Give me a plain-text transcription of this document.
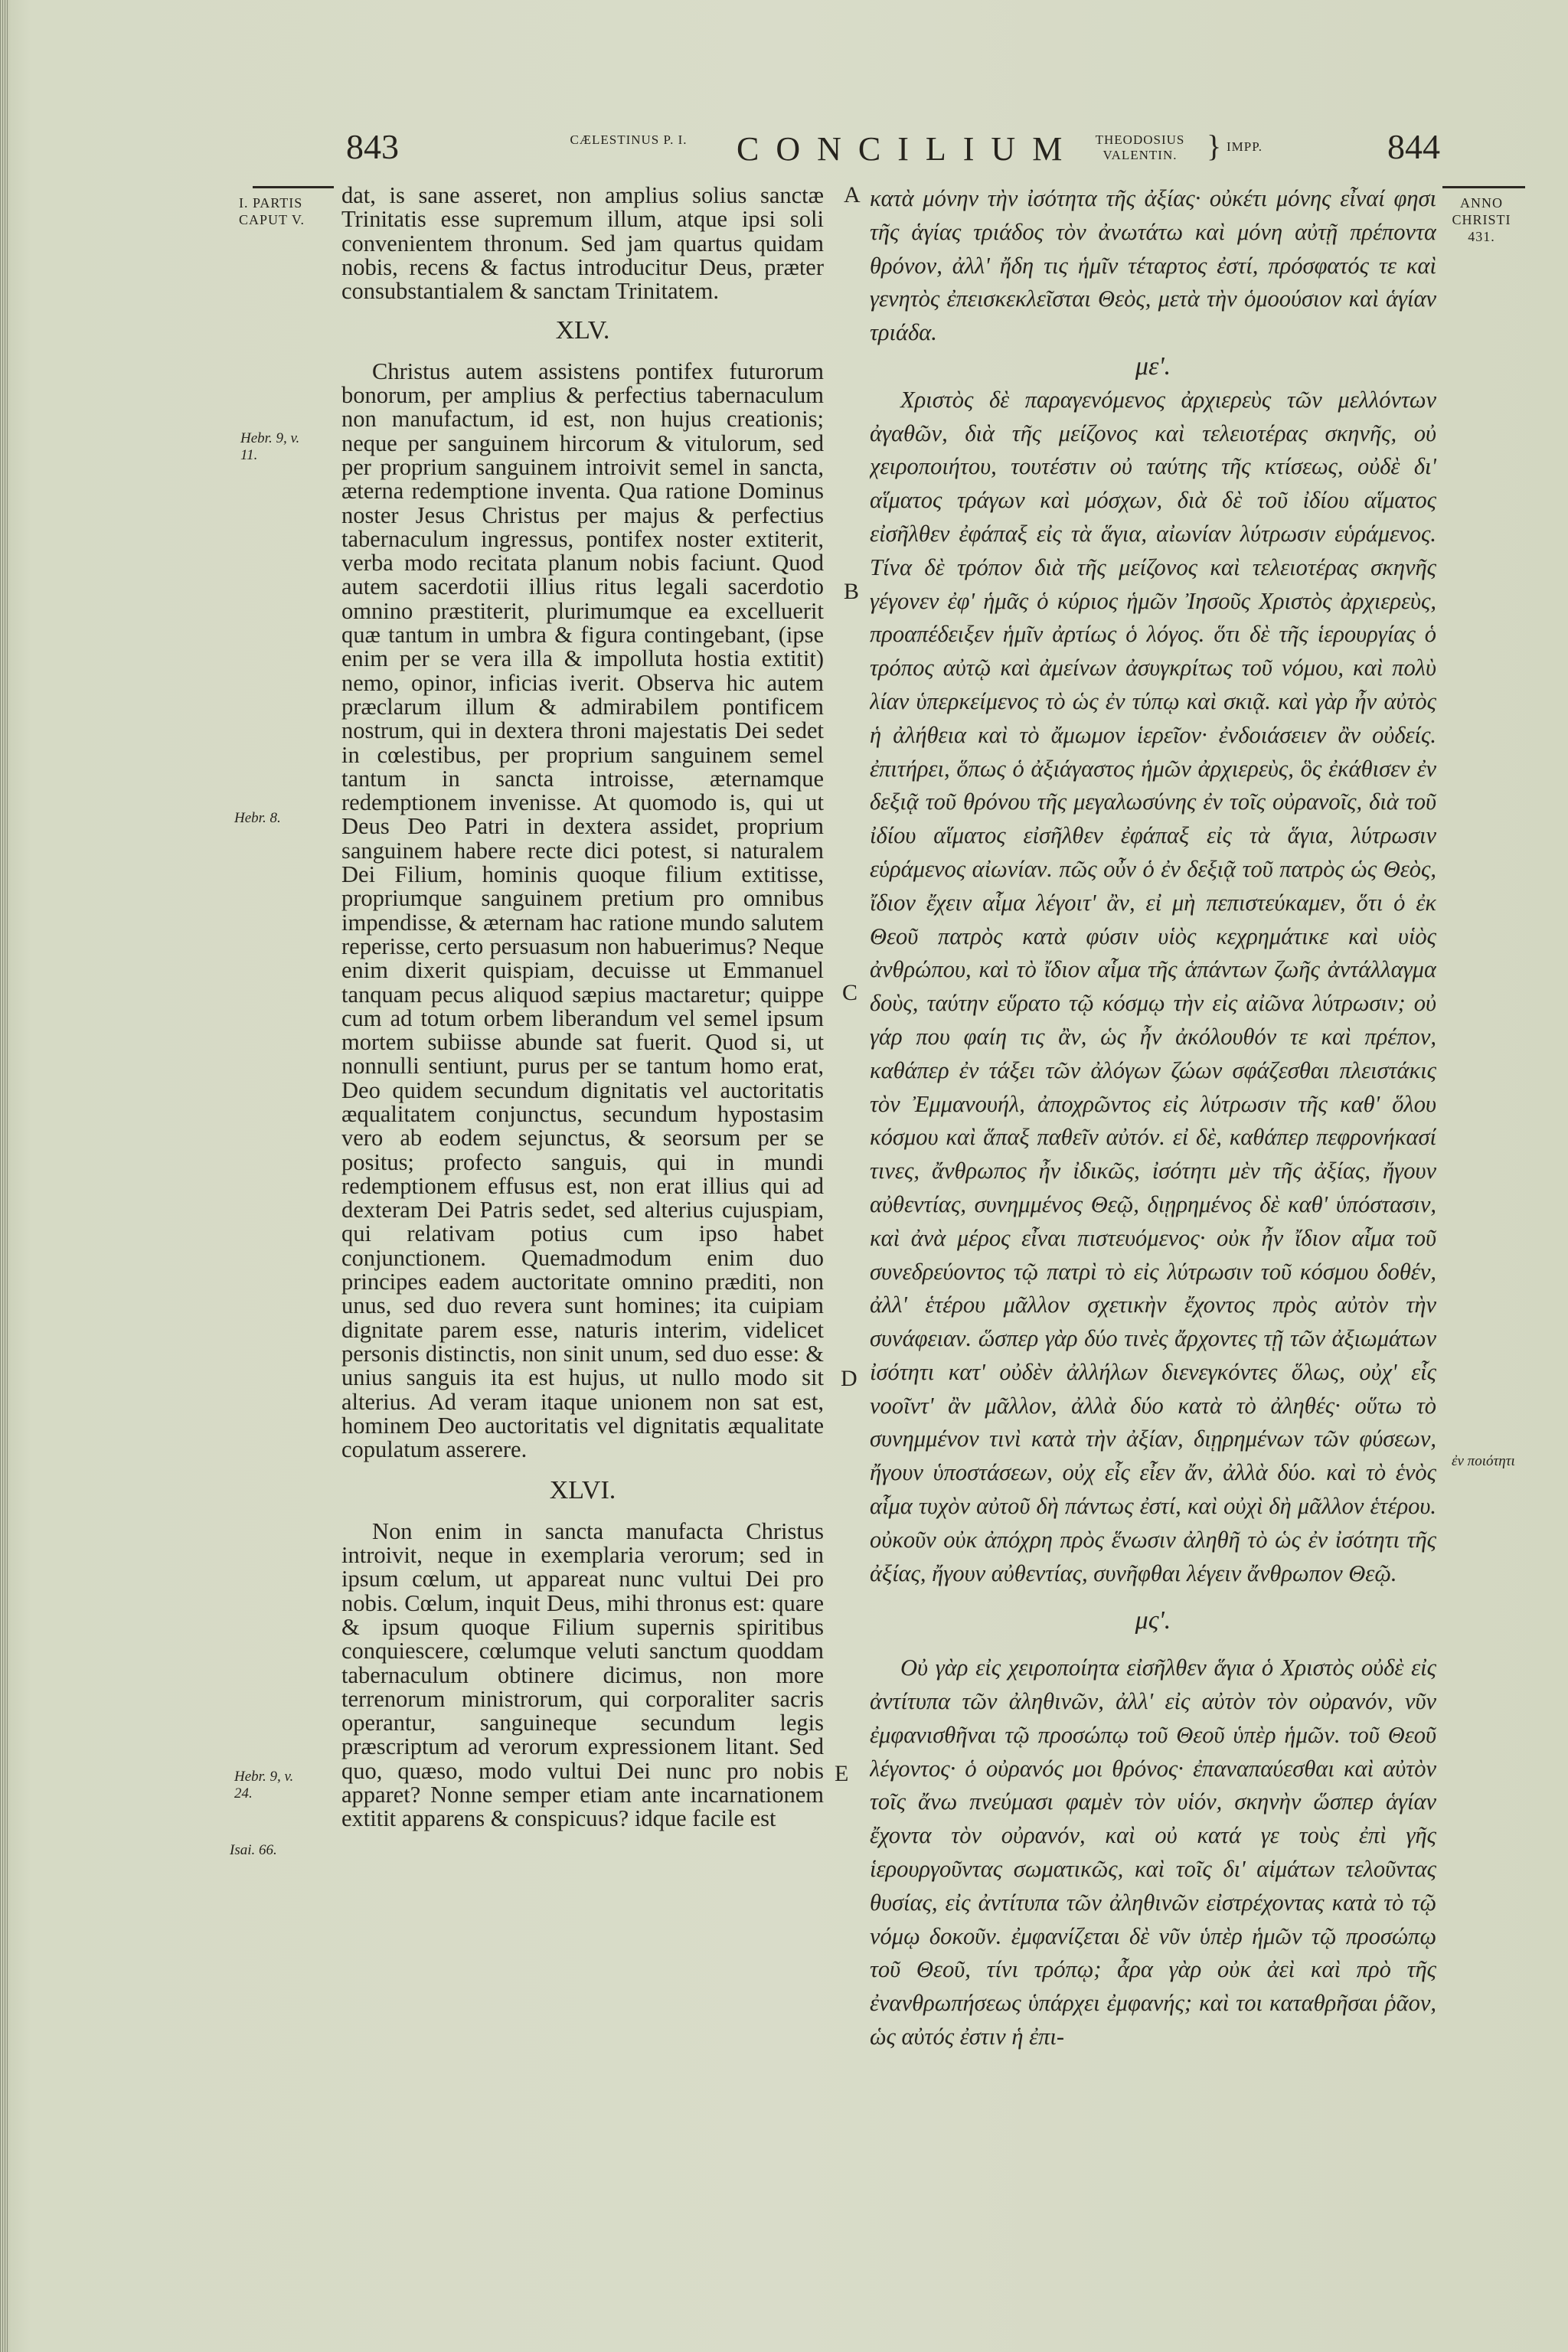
843	CÆLESTINUS P. I. CONCILIUM	THEODOSIUS VALENTIN. } IMPP.	844
I. PARTIS CAPUT V.
ANNO CHRISTI 431.
Hebr. 9, v. 11.
Hebr. 8.
Hebr. 9, v. 24.
Isai. 66.
ἐν ποιότητι
A
B
C
D
E
dat, is sane asseret, non amplius solius sanctæ Trinitatis esse supremum illum, atque ipsi soli convenientem thronum. Sed jam quartus quidam nobis, recens & factus introducitur Deus, præter consubstantialem & sanctam Trinitatem.
XLV.
Christus autem assistens pontifex futurorum bonorum, per amplius & perfectius tabernaculum non manufactum, id est, non hujus creationis; neque per sanguinem hircorum & vitulorum, sed per proprium sanguinem introivit semel in sancta, æterna redemptione inventa. Qua ratione Dominus noster Jesus Christus per majus & perfectius tabernaculum ingressus, pontifex noster extiterit, verba modo recitata planum nobis faciunt. Quod autem sacerdotii illius ritus legali sacerdotio omnino præstiterit, plurimumque ea excelluerit quæ tantum in umbra & figura contingebant, (ipse enim per se vera illa & impolluta hostia extitit) nemo, opinor, inficias iverit. Observa hic autem præclarum illum & admirabilem pontificem nostrum, qui in dextera throni majestatis Dei sedet in cœlestibus, per proprium sanguinem semel tantum in sancta introisse, æternamque redemptionem invenisse. At quomodo is, qui ut Deus Deo Patri in dextera assidet, proprium sanguinem habere recte dici potest, si naturalem Dei Filium, hominis quoque filium extitisse, propriumque sanguinem pretium pro omnibus impendisse, & æternam hac ratione mundo salutem reperisse, certo persuasum non habuerimus? Neque enim dixerit quispiam, decuisse ut Emmanuel tanquam pecus aliquod sæpius mactaretur; quippe cum ad totum orbem liberandum vel semel ipsum mortem subiisse abunde sat fuerit. Quod si, ut nonnulli sentiunt, purus per se tantum homo erat, Deo quidem secundum dignitatis vel auctoritatis æqualitatem conjunctus, secundum hypostasim vero ab eodem sejunctus, & seorsum per se positus; profecto sanguis, qui in mundi redemptionem effusus est, non erat illius qui ad dexteram Dei Patris sedet, sed alterius cujuspiam, qui relativam potius cum ipso habet conjunctionem. Quemadmodum enim duo principes eadem auctoritate omnino præditi, non unus, sed duo revera sunt homines; ita cuipiam dignitate parem esse, naturis interim, videlicet personis distinctis, non sinit unum, sed duo esse: & unius sanguis ita est hujus, ut nullo modo sit alterius. Ad veram itaque unionem non sat est, hominem Deo auctoritatis vel dignitatis æqualitate copulatum asserere.
XLVI.
Non enim in sancta manufacta Christus introivit, neque in exemplaria verorum; sed in ipsum cœlum, ut appareat nunc vultui Dei pro nobis. Cœlum, inquit Deus, mihi thronus est: quare & ipsum quoque Filium supernis spiritibus conquiescere, cœlumque veluti sanctum quoddam tabernaculum obtinere dicimus, non more terrenorum ministrorum, qui corporaliter sacris operantur, sanguineque secundum legis præscriptum ad verorum expressionem litant. Sed quo, quæso, modo vultui Dei nunc pro nobis apparet? Nonne semper etiam ante incarnationem extitit apparens & conspicuus? idque facile est
κατὰ μόνην τὴν ἰσότητα τῆς ἀξίας· οὐκέτι μόνης εἶναί φησι τῆς ἁγίας τριάδος τὸν ἀνωτάτω καὶ μόνη αὐτῇ πρέποντα θρόνον, ἀλλ' ἤδη τις ἡμῖν τέταρτος ἐστί, πρόσφατός τε καὶ γενητὸς ἐπεισκεκλεῖσται Θεὸς, μετὰ τὴν ὁμοούσιον καὶ ἁγίαν τριάδα.
με'.
Χριστὸς δὲ παραγενόμενος ἀρχιερεὺς τῶν μελλόντων ἀγαθῶν, διὰ τῆς μείζονος καὶ τελειοτέρας σκηνῆς, οὐ χειροποιήτου, τουτέστιν οὐ ταύτης τῆς κτίσεως, οὐδὲ δι' αἵματος τράγων καὶ μόσχων, διὰ δὲ τοῦ ἰδίου αἵματος εἰσῆλθεν ἐφάπαξ εἰς τὰ ἅγια, αἰωνίαν λύτρωσιν εὑράμενος. Τίνα δὲ τρόπον διὰ τῆς μείζονος καὶ τελειοτέρας σκηνῆς γέγονεν ἐφ' ἡμᾶς ὁ κύριος ἡμῶν Ἰησοῦς Χριστὸς ἀρχιερεὺς, προαπέδειξεν ἡμῖν ἀρτίως ὁ λόγος. ὅτι δὲ τῆς ἱερουργίας ὁ τρόπος αὐτῷ καὶ ἀμείνων ἀσυγκρίτως τοῦ νόμου, καὶ πολὺ λίαν ὑπερκείμενος τὸ ὡς ἐν τύπῳ καὶ σκιᾷ. καὶ γὰρ ἦν αὐτὸς ἡ ἀλήθεια καὶ τὸ ἄμωμον ἱερεῖον· ἐνδοιάσειεν ἂν οὐδείς. ἐπιτήρει, ὅπως ὁ ἀξιάγαστος ἡμῶν ἀρχιερεὺς, ὃς ἐκάθισεν ἐν δεξιᾷ τοῦ θρόνου τῆς μεγαλωσύνης ἐν τοῖς οὐρανοῖς, διὰ τοῦ ἰδίου αἵματος εἰσῆλθεν ἐφάπαξ εἰς τὰ ἅγια, λύτρωσιν εὑράμενος αἰωνίαν. πῶς οὖν ὁ ἐν δεξιᾷ τοῦ πατρὸς ὡς Θεὸς, ἴδιον ἔχειν αἷμα λέγοιτ' ἂν, εἰ μὴ πεπιστεύκαμεν, ὅτι ὁ ἐκ Θεοῦ πατρὸς κατὰ φύσιν υἱὸς κεχρημάτικε καὶ υἱὸς ἀνθρώπου, καὶ τὸ ἴδιον αἷμα τῆς ἁπάντων ζωῆς ἀντάλλαγμα δοὺς, ταύτην εὕρατο τῷ κόσμῳ τὴν εἰς αἰῶνα λύτρωσιν; οὐ γάρ που φαίη τις ἂν, ὡς ἦν ἀκόλουθόν τε καὶ πρέπον, καθάπερ ἐν τάξει τῶν ἀλόγων ζώων σφάζεσθαι πλειστάκις τὸν Ἐμμανουήλ, ἀποχρῶντος εἰς λύτρωσιν τῆς καθ' ὅλου κόσμου καὶ ἅπαξ παθεῖν αὐτόν. εἰ δὲ, καθάπερ πεφρονήκασί τινες, ἄνθρωπος ἦν ἰδικῶς, ἰσότητι μὲν τῆς ἀξίας, ἤγουν αὐθεντίας, συνημμένος Θεῷ, διῃρημένος δὲ καθ' ὑπόστασιν, καὶ ἀνὰ μέρος εἶναι πιστευόμενος· οὐκ ἦν ἴδιον αἷμα τοῦ συνεδρεύοντος τῷ πατρὶ τὸ εἰς λύτρωσιν τοῦ κόσμου δοθέν, ἀλλ' ἑτέρου μᾶλλον σχετικὴν ἔχοντος πρὸς αὐτὸν τὴν συνάφειαν. ὥσπερ γὰρ δύο τινὲς ἄρχοντες τῇ τῶν ἀξιωμάτων ἰσότητι κατ' οὐδὲν ἀλλήλων διενεγκόντες ὅλως, οὐχ' εἷς νοοῖντ' ἂν μᾶλλον, ἀλλὰ δύο κατὰ τὸ ἀληθές· οὕτω τὸ συνημμένον τινὶ κατὰ τὴν ἀξίαν, διῃρημένων τῶν φύσεων, ἤγουν ὑποστάσεων, οὐχ εἷς εἶεν ἄν, ἀλλὰ δύο. καὶ τὸ ἑνὸς αἷμα τυχὸν αὐτοῦ δὴ πάντως ἐστί, καὶ οὐχὶ δὴ μᾶλλον ἑτέρου. οὐκοῦν οὐκ ἀπόχρη πρὸς ἕνωσιν ἀληθῆ τὸ ὡς ἐν ἰσότητι τῆς ἀξίας, ἤγουν αὐθεντίας, συνῆφθαι λέγειν ἄνθρωπον Θεῷ.
μς'.
Οὐ γὰρ εἰς χειροποίητα εἰσῆλθεν ἅγια ὁ Χριστὸς οὐδὲ εἰς ἀντίτυπα τῶν ἀληθινῶν, ἀλλ' εἰς αὐτὸν τὸν οὐρανόν, νῦν ἐμφανισθῆναι τῷ προσώπῳ τοῦ Θεοῦ ὑπὲρ ἡμῶν. τοῦ Θεοῦ λέγοντος· ὁ οὐρανός μοι θρόνος· ἐπαναπαύεσθαι καὶ αὐτὸν τοῖς ἄνω πνεύμασι φαμὲν τὸν υἱόν, σκηνὴν ὥσπερ ἁγίαν ἔχοντα τὸν οὐρανόν, καὶ οὐ κατά γε τοὺς ἐπὶ γῆς ἱερουργοῦντας σωματικῶς, καὶ τοῖς δι' αἱμάτων τελοῦντας θυσίας, εἰς ἀντίτυπα τῶν ἀληθινῶν εἰστρέχοντας κατὰ τὸ τῷ νόμῳ δοκοῦν. ἐμφανίζεται δὲ νῦν ὑπὲρ ἡμῶν τῷ προσώπῳ τοῦ Θεοῦ, τίνι τρόπῳ; ἆρα γὰρ οὐκ ἀεὶ καὶ πρὸ τῆς ἐνανθρωπήσεως ὑπάρχει ἐμφανής; καὶ τοι καταθρῆσαι ῥᾶον, ὡς αὐτός ἐστιν ἡ ἐπι-
